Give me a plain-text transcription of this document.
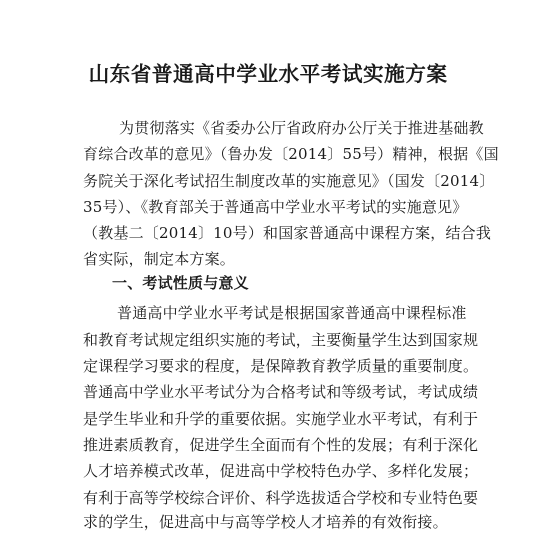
山东省普通高中学业水平考试实施方案
为贯彻落实《省委办公厅省政府办公厅关于推进基础教
育综合改革的意见》（鲁办发〔2014〕55号）精神，根据《国
务院关于深化考试招生制度改革的实施意见》（国发〔2014〕
35号）、《教育部关于普通高中学业水平考试的实施意见》
（教基二〔2014〕10号）和国家普通高中课程方案，结合我
省实际，制定本方案。
一、考试性质与意义
普通高中学业水平考试是根据国家普通高中课程标准
和教育考试规定组织实施的考试，主要衡量学生达到国家规
定课程学习要求的程度，是保障教育教学质量的重要制度。
普通高中学业水平考试分为合格考试和等级考试，考试成绩
是学生毕业和升学的重要依据。实施学业水平考试，有利于
推进素质教育，促进学生全面而有个性的发展；有利于深化
人才培养模式改革，促进高中学校特色办学、多样化发展；
有利于高等学校综合评价、科学选拔适合学校和专业特色要
求的学生，促进高中与高等学校人才培养的有效衔接。
